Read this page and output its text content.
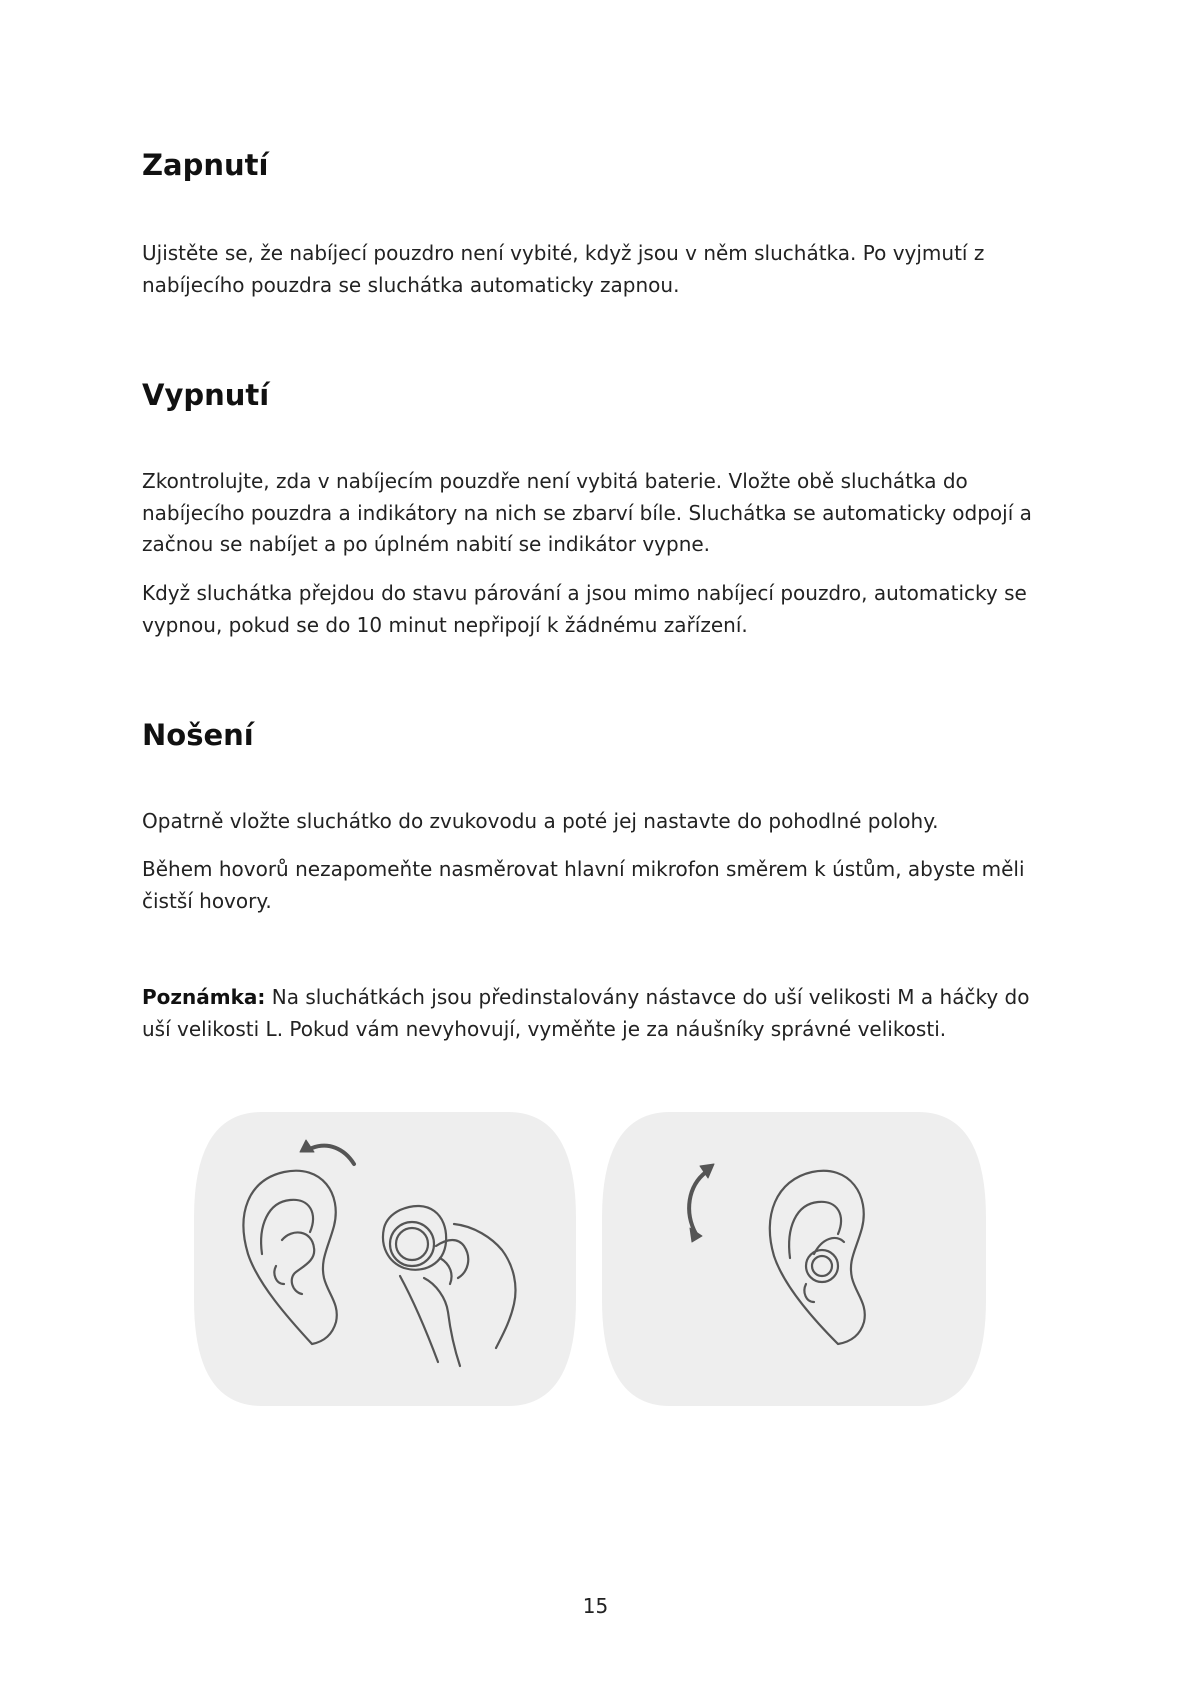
Zapnutí

Ujistěte se, že nabíjecí pouzdro není vybité, když jsou v něm sluchátka. Po vyjmutí z nabíjecího pouzdra se sluchátka automaticky zapnou.

Vypnutí

Zkontrolujte, zda v nabíjecím pouzdře není vybitá baterie. Vložte obě sluchátka do nabíjecího pouzdra a indikátory na nich se zbarví bíle. Sluchátka se automaticky odpojí a začnou se nabíjet a po úplném nabití se indikátor vypne.

Když sluchátka přejdou do stavu párování a jsou mimo nabíjecí pouzdro, automaticky se vypnou, pokud se do 10 minut nepřipojí k žádnému zařízení.

Nošení

Opatrně vložte sluchátko do zvukovodu a poté jej nastavte do pohodlné polohy.

Během hovorů nezapomeňte nasměrovat hlavní mikrofon směrem k ústům, abyste měli čistší hovory.

Poznámka: Na sluchátkách jsou předinstalovány nástavce do uší velikosti M a háčky do uší velikosti L. Pokud vám nevyhovují, vyměňte je za náušníky správné velikosti.

15
